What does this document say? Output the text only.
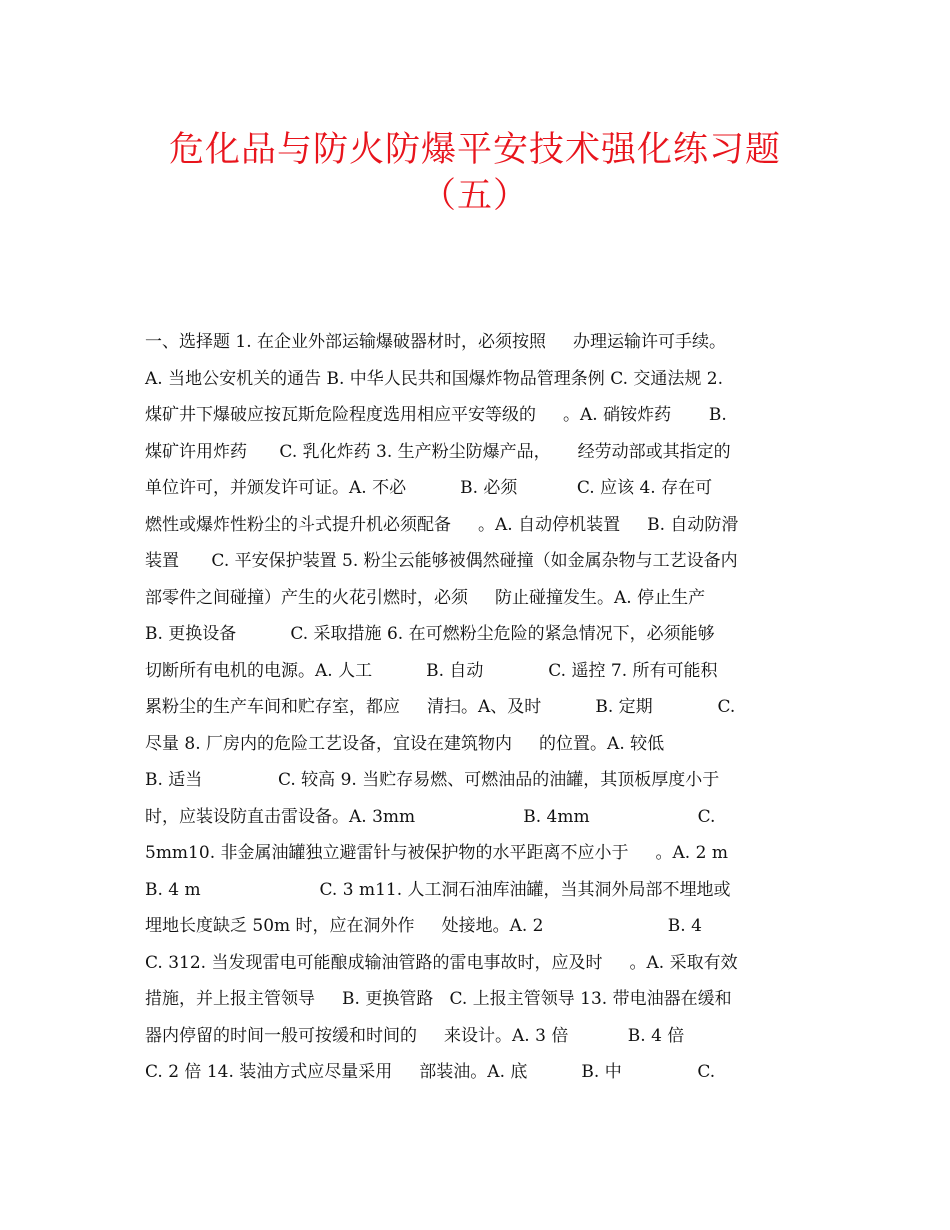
危化品与防火防爆平安技术强化练习题
（五）
一、选择题 1. 在企业外部运输爆破器材时，必须按照     办理运输许可手续。
A. 当地公安机关的通告 B. 中华人民共和国爆炸物品管理条例 C. 交通法规 2.
煤矿井下爆破应按瓦斯危险程度选用相应平安等级的     。A. 硝铵炸药       B.
煤矿许用炸药      C. 乳化炸药 3. 生产粉尘防爆产品，     经劳动部或其指定的
单位许可，并颁发许可证。A. 不必          B. 必须           C. 应该 4. 存在可
燃性或爆炸性粉尘的斗式提升机必须配备     。A. 自动停机装置     B. 自动防滑
装置      C. 平安保护装置 5. 粉尘云能够被偶然碰撞（如金属杂物与工艺设备内
部零件之间碰撞）产生的火花引燃时，必须     防止碰撞发生。A. 停止生产
B. 更换设备          C. 采取措施 6. 在可燃粉尘危险的紧急情况下，必须能够
切断所有电机的电源。A. 人工          B. 自动            C. 遥控 7. 所有可能积
累粉尘的生产车间和贮存室，都应     清扫。A、及时          B. 定期            C.
尽量 8. 厂房内的危险工艺设备，宜设在建筑物内     的位置。A. 较低
B. 适当              C. 较高 9. 当贮存易燃、可燃油品的油罐，其顶板厚度小于
时，应装设防直击雷设备。A. 3mm                    B. 4mm                    C.
5mm10. 非金属油罐独立避雷针与被保护物的水平距离不应小于     。A. 2 m
B. 4 m                      C. 3 m11. 人工洞石油库油罐，当其洞外局部不埋地或
埋地长度缺乏 50m 时，应在洞外作     处接地。A. 2                       B. 4
C. 312. 当发现雷电可能酿成输油管路的雷电事故时，应及时     。A. 采取有效
措施，并上报主管领导     B. 更换管路   C. 上报主管领导 13. 带电油器在缓和
器内停留的时间一般可按缓和时间的     来设计。A. 3 倍           B. 4 倍
C. 2 倍 14. 装油方式应尽量采用     部装油。A. 底          B. 中              C.
